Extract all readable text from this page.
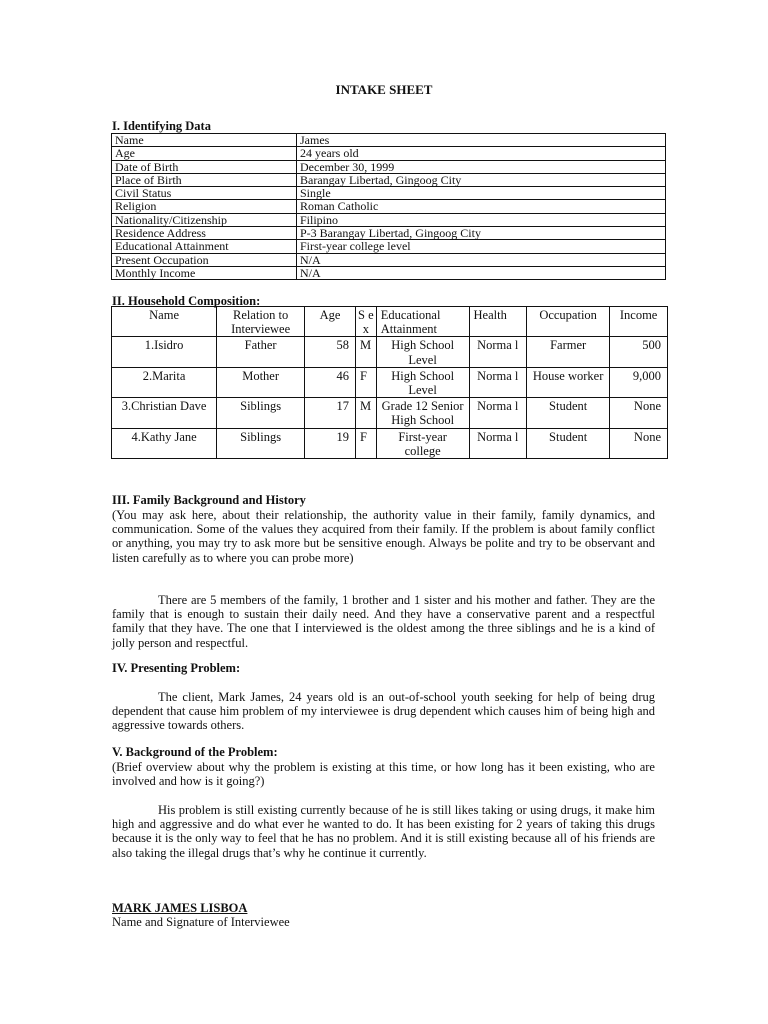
INTAKE SHEET
I. Identifying Data
Name	James
Age	24 years old
Date of Birth	December 30, 1999
Place of Birth	Barangay Libertad, Gingoog City
Civil Status	Single
Religion	Roman Catholic
Nationality/Citizenship	Filipino
Residence Address	P-3 Barangay Libertad, Gingoog City
Educational Attainment	First-year college level
Present Occupation	N/A
Monthly Income	N/A
II. Household Composition:
Name	Relation to Interviewee	Age	S e x	Educational Attainment	Health	Occupation	Income
1.Isidro	Father	58	M	High School Level	Norma l	Farmer	500
2.Marita	Mother	46	F	High School Level	Norma l	House worker	9,000
3.Christian Dave	Siblings	17	M	Grade 12 Senior High School	Norma l	Student	None
4.Kathy Jane	Siblings	19	F	First-year college	Norma l	Student	None
III. Family Background and History
(You may ask here, about their relationship, the authority value in their family, family dynamics, and communication. Some of the values they acquired from their family. If the problem is about family conflict or anything, you may try to ask more but be sensitive enough. Always be polite and try to be observant and listen carefully as to where you can probe more)
There are 5 members of the family, 1 brother and 1 sister and his mother and father. They are the family that is enough to sustain their daily need. And they have a conservative parent and a respectful family that they have. The one that I interviewed is the oldest among the three siblings and he is a kind of jolly person and respectful.
IV. Presenting Problem:
The client, Mark James, 24 years old is an out-of-school youth seeking for help of being drug dependent that cause him problem of my interviewee is drug dependent which causes him of being high and aggressive towards others.
V. Background of the Problem:
(Brief overview about why the problem is existing at this time, or how long has it been existing, who are involved and how is it going?)
His problem is still existing currently because of he is still likes taking or using drugs, it make him high and aggressive and do what ever he wanted to do. It has been existing for 2 years of taking this drugs because it is the only way to feel that he has no problem. And it is still existing because all of his friends are also taking the illegal drugs that’s why he continue it currently.
MARK JAMES LISBOA
Name and Signature of Interviewee
